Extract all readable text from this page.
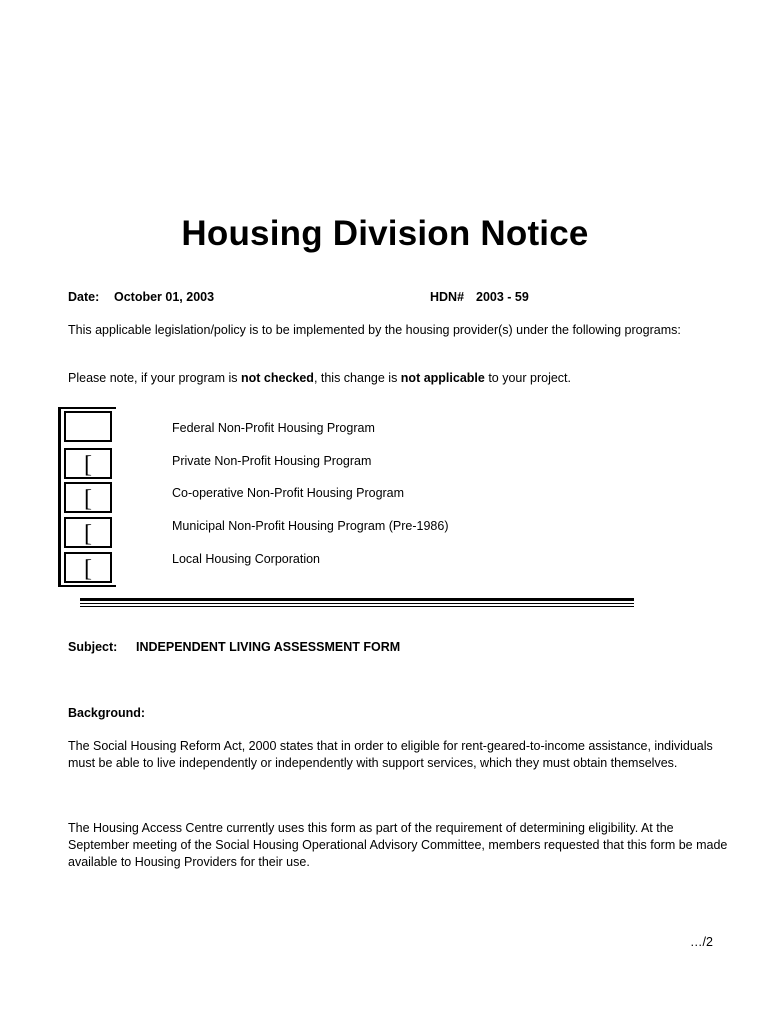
Housing Division Notice
Date: October 01, 2003	HDN# 2003 - 59
This applicable legislation/policy is to be implemented by the housing provider(s) under the following programs:
Please note, if your program is not checked, this change is not applicable to your project.
[
[
[
[
Federal Non-Profit Housing Program
Private Non-Profit Housing Program
Co-operative Non-Profit Housing Program
Municipal Non-Profit Housing Program (Pre-1986)
Local Housing Corporation
Subject: INDEPENDENT LIVING ASSESSMENT FORM
Background:
The Social Housing Reform Act, 2000 states that in order to eligible for rent-geared-to-income assistance, individuals must be able to live independently or independently with support services, which they must obtain themselves.
The Housing Access Centre currently uses this form as part of the requirement of determining eligibility. At the September meeting of the Social Housing Operational Advisory Committee, members requested that this form be made available to Housing Providers for their use.
…/2
